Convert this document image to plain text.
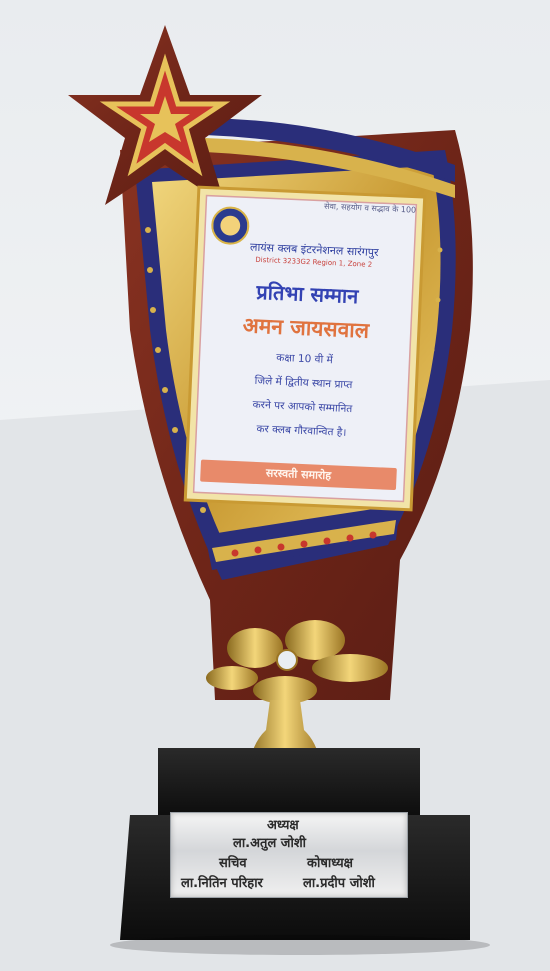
सेवा, सहयोग व सद्भाव के 100
लायंस क्लब इंटरनेशनल सारंगपुर
District 3233G2 Region 1, Zone 2
प्रतिभा सम्मान
अमन जायसवाल
कक्षा 10 वी में
जिले में द्वितीय स्थान प्राप्त
करने पर आपको सम्मानित
कर क्लब गौरवान्वित है।
सरस्वती समारोह
अध्यक्ष
ला.अतुल जोशी
सचिव	कोषाध्यक्ष
ला.नितिन परिहार	ला.प्रदीप जोशी
